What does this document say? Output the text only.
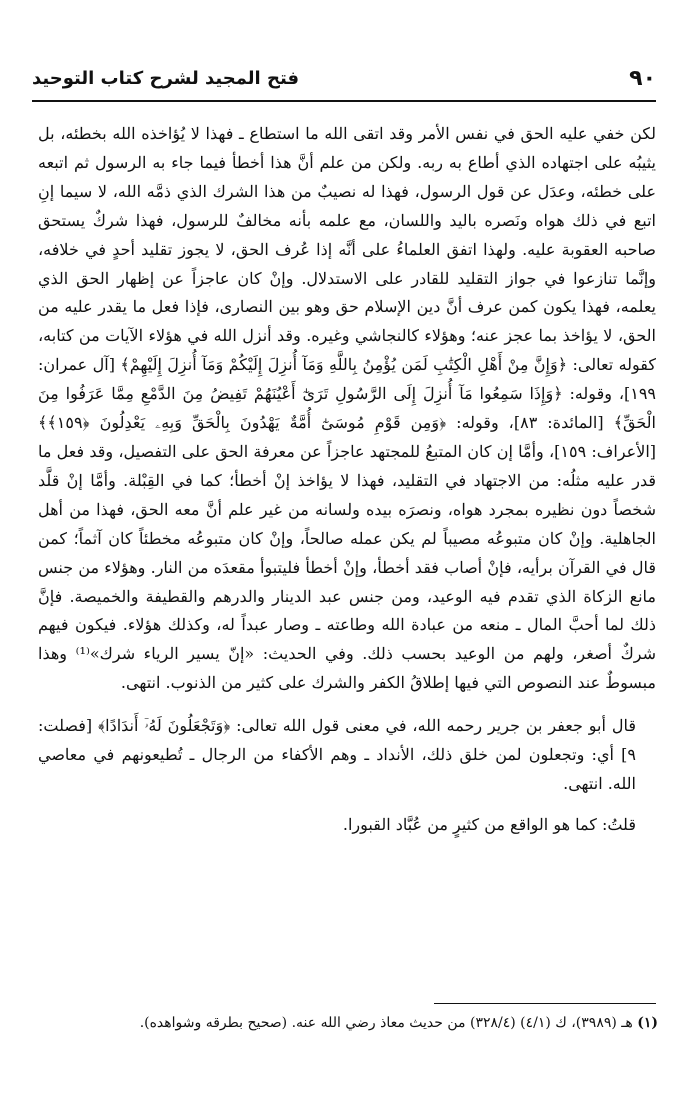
٩٠
فتح المجيد لشرح كتاب التوحيد

لكن خفي عليه الحق في نفس الأمر وقد اتقى الله ما استطاع ـ فهذا لا يُؤاخذه الله بخطئه، بل يثيبُه على اجتهاده الذي أطاع به ربه. ولكن من علم أنَّ هذا أخطأ فيما جاء به الرسول ثم اتبعه على خطئه، وعدَل عن قول الرسول، فهذا له نصيبٌ من هذا الشرك الذي ذمَّه الله، لا سيما إنِ اتبع في ذلك هواه ونَصره باليد واللسان، مع علمه بأنه مخالفٌ للرسول، فهذا شركٌ يستحق صاحبه العقوبة عليه. ولهذا اتفق العلماءُ على أنَّه إذا عُرف الحق، لا يجوز تقليد أحدٍ في خلافه، وإنَّما تنازعوا في جواز التقليد للقادر على الاستدلال. وإنْ كان عاجزاً عن إظهار الحق الذي يعلمه، فهذا يكون كمن عرف أنَّ دين الإسلام حق وهو بين النصارى، فإذا فعل ما يقدر عليه من الحق، لا يؤاخذ بما عجز عنه؛ وهؤلاء كالنجاشي وغيره. وقد أنزل الله في هؤلاء الآيات من كتابه، كقوله تعالى: ﴿وَإِنَّ مِنْ أَهْلِ الْكِتَٰبِ لَمَن يُؤْمِنُ بِاللَّهِ وَمَآ أُنزِلَ إِلَيْكُمْ وَمَآ أُنزِلَ إِلَيْهِمْ﴾ [آل عمران: ١٩٩]، وقوله: ﴿وَإِذَا سَمِعُوا مَآ أُنزِلَ إِلَى الرَّسُولِ تَرَىٰٓ أَعْيُنَهُمْ تَفِيضُ مِنَ الدَّمْعِ مِمَّا عَرَفُوا مِنَ الْحَقِّ﴾ [المائدة: ٨٣]، وقوله: ﴿وَمِن قَوْمِ مُوسَىٰٓ أُمَّةٌ يَهْدُونَ بِالْحَقِّ وَبِهِۦ يَعْدِلُونَ ﴿١٥٩﴾﴾ [الأعراف: ١٥٩]، وأمَّا إن كان المتبعُ للمجتهد عاجزاً عن معرفة الحق على التفصيل، وقد فعل ما قدر عليه مثلُه: من الاجتهاد في التقليد، فهذا لا يؤاخذ إنْ أخطأ؛ كما في القِبْلة. وأمَّا إنْ قلَّد شخصاً دون نظيره بمجرد هواه، ونصرَه بيده ولسانه من غير علم أنَّ معه الحق، فهذا من أهل الجاهلية. وإنْ كان متبوعُه مصيباً لم يكن عمله صالحاً، وإنْ كان متبوعُه مخطئاً كان آثماً؛ كمن قال في القرآن برأيه، فإنْ أصاب فقد أخطأ، وإنْ أخطأ فليتبوأ مقعدَه من النار. وهؤلاء من جنس مانع الزكاة الذي تقدم فيه الوعيد، ومن جنس عبد الدينار والدرهم والقطيفة والخميصة. فإنَّ ذلك لما أحبَّ المال ـ منعه من عبادة الله وطاعته ـ وصار عبداً له، وكذلك هؤلاء. فيكون فيهم شركٌ أصغر، ولهم من الوعيد بحسب ذلك. وفي الحديث: «إنّ يسير الرياء شرك»⁽¹⁾ وهذا مبسوطٌ عند النصوص التي فيها إطلاقُ الكفر والشرك على كثير من الذنوب. انتهى.

قال أبو جعفر بن جرير رحمه الله، في معنى قول الله تعالى: ﴿وَتَجْعَلُونَ لَهُۥٓ أَندَادًا﴾ [فصلت: ٩] أي: وتجعلون لمن خلق ذلك، الأنداد ـ وهم الأكفاء من الرجال ـ تُطيعونهم في معاصي الله. انتهى.

قلتُ: كما هو الواقع من كثيرٍ من عُبَّاد القبورا.

(١) هـ (٣٩٨٩)، ك (٤/١) (٣٢٨/٤) من حديث معاذ رضي الله عنه. (صحيح بطرقه وشواهده).
